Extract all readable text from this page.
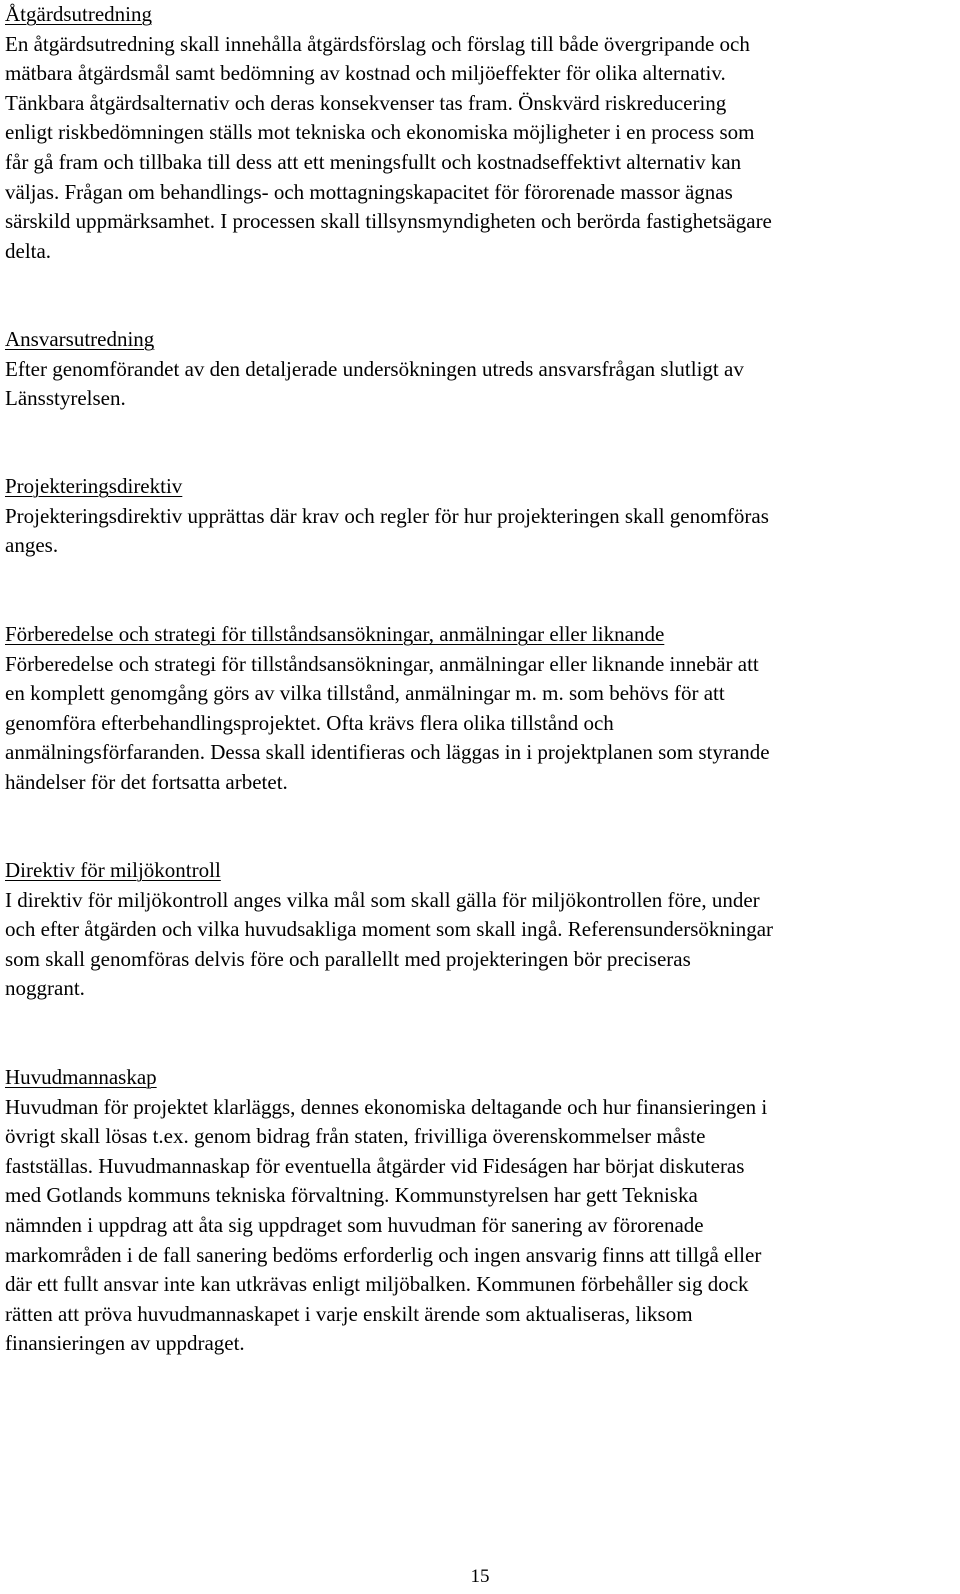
Åtgärdsutredning

En åtgärdsutredning skall innehålla åtgärdsförslag och förslag till både övergripande och
mätbara åtgärdsmål samt bedömning av kostnad och miljöeffekter för olika alternativ.
Tänkbara åtgärdsalternativ och deras konsekvenser tas fram. Önskvärd riskreducering
enligt riskbedömningen ställs mot tekniska och ekonomiska möjligheter i en process som
får gå fram och tillbaka till dess att ett meningsfullt och kostnadseffektivt alternativ kan
väljas. Frågan om behandlings- och mottagningskapacitet för förorenade massor ägnas
särskild uppmärksamhet. I processen skall tillsynsmyndigheten och berörda fastighetsägare
delta.

Ansvarsutredning

Efter genomförandet av den detaljerade undersökningen utreds ansvarsfrågan slutligt av
Länsstyrelsen.

Projekteringsdirektiv

Projekteringsdirektiv upprättas där krav och regler för hur projekteringen skall genomföras
anges.

Förberedelse och strategi för tillståndsansökningar, anmälningar eller liknande

Förberedelse och strategi för tillståndsansökningar, anmälningar eller liknande innebär att
en komplett genomgång görs av vilka tillstånd, anmälningar m. m. som behövs för att
genomföra efterbehandlingsprojektet. Ofta krävs flera olika tillstånd och
anmälningsförfaranden. Dessa skall identifieras och läggas in i projektplanen som styrande
händelser för det fortsatta arbetet.

Direktiv för miljökontroll

I direktiv för miljökontroll anges vilka mål som skall gälla för miljökontrollen före, under
och efter åtgärden och vilka huvudsakliga moment som skall ingå. Referensundersökningar
som skall genomföras delvis före och parallellt med projekteringen bör preciseras
noggrant.

Huvudmannaskap

Huvudman för projektet klarläggs, dennes ekonomiska deltagande och hur finansieringen i
övrigt skall lösas t.ex. genom bidrag från staten, frivilliga överenskommelser måste
fastställas. Huvudmannaskap för eventuella åtgärder vid Fideságen har börjat diskuteras
med Gotlands kommuns tekniska förvaltning. Kommunstyrelsen har gett Tekniska
nämnden i uppdrag att åta sig uppdraget som huvudman för sanering av förorenade
markområden i de fall sanering bedöms erforderlig och ingen ansvarig finns att tillgå eller
där ett fullt ansvar inte kan utkrävas enligt miljöbalken. Kommunen förbehåller sig dock
rätten att pröva huvudmannaskapet i varje enskilt ärende som aktualiseras, liksom
finansieringen av uppdraget.

15
